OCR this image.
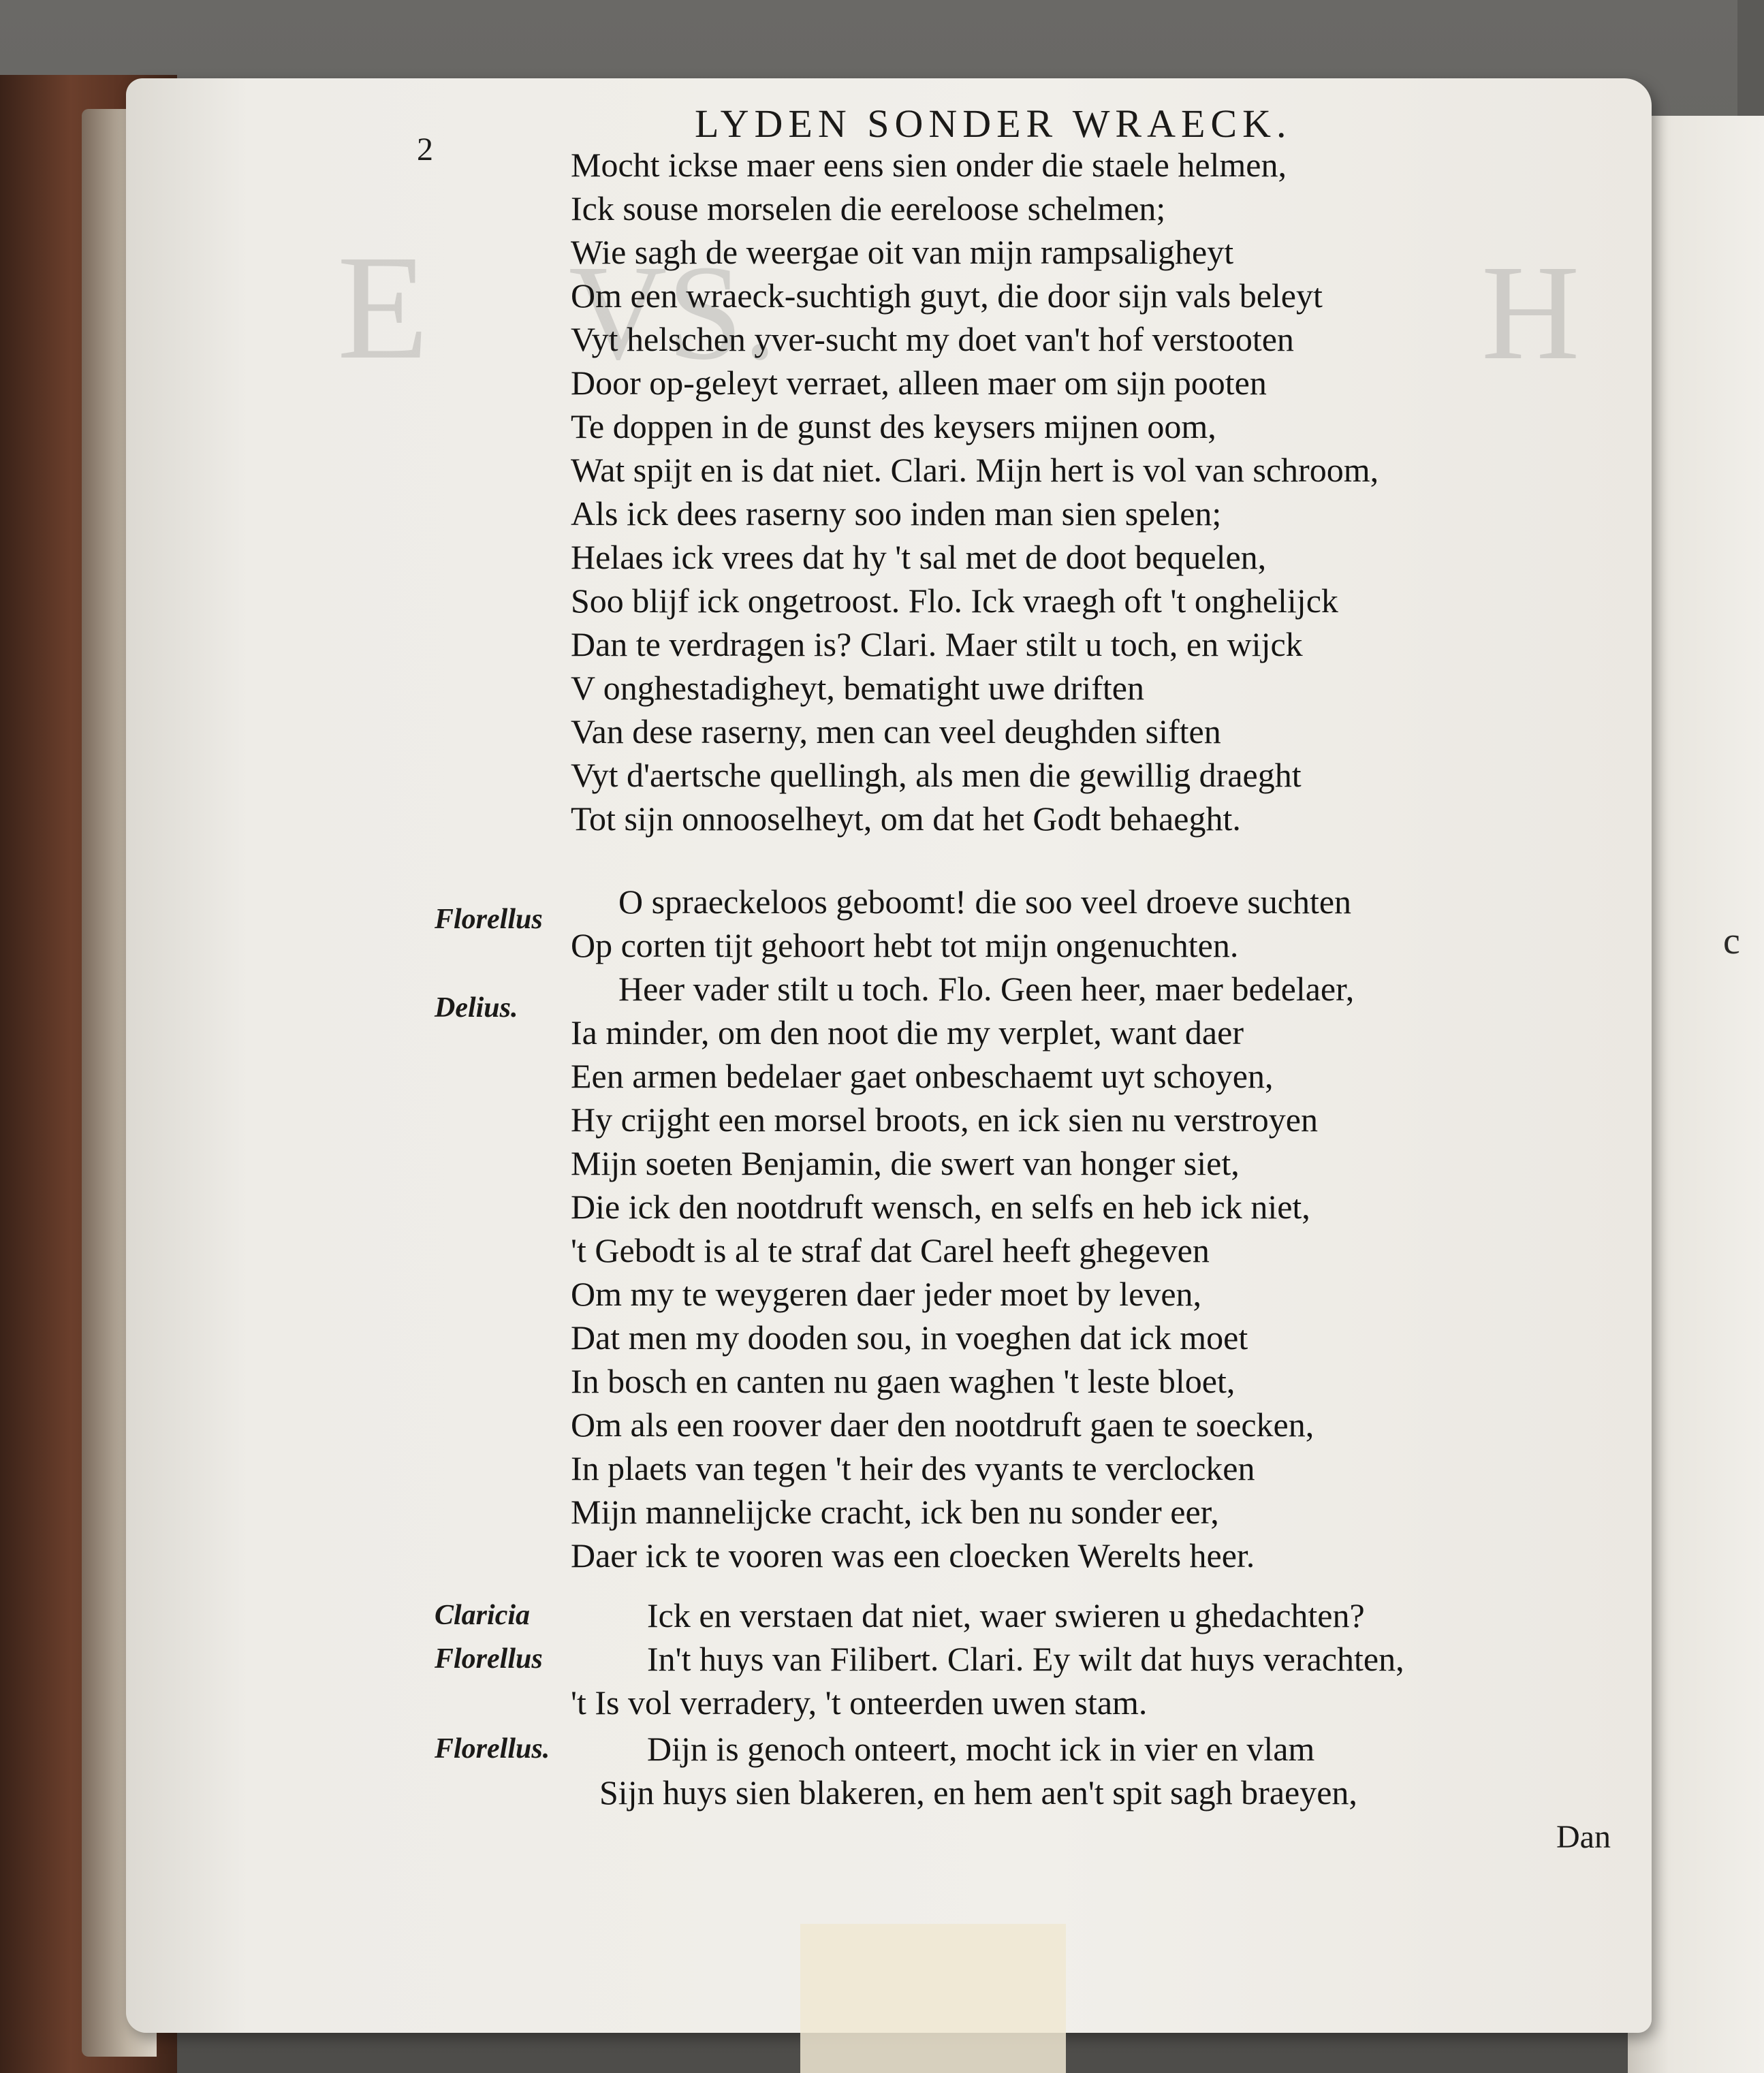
c
E VS.	H
LYDEN SONDER WRAECK.
2	Mocht ickse maer eens sien onder die staele helmen,
Ick souse morselen die eereloose schelmen;
Wie sagh de weergae oit van mijn rampsaligheyt
Om een wraeck-suchtigh guyt, die door sijn vals beleyt
Vyt helschen yver-sucht my doet van't hof verstooten
Door op-geleyt verraet, alleen maer om sijn pooten
Te doppen in de gunst des keysers mijnen oom,
Wat spijt en is dat niet. Clari. Mijn hert is vol van schroom,
Als ick dees raserny soo inden man sien spelen;
Helaes ick vrees dat hy 't sal met de doot bequelen,
Soo blijf ick ongetroost. Flo. Ick vraegh oft 't onghelijck
Dan te verdragen is? Clari. Maer stilt u toch, en wijck
V onghestadigheyt, bematight uwe driften
Van dese raserny, men can veel deughden siften
Vyt d'aertsche quellingh, als men die gewillig draeght
Tot sijn onnooselheyt, om dat het Godt behaeght.
Florellus O spraeckeloos geboomt! die soo veel droeve suchten
Op corten tijt gehoort hebt tot mijn ongenuchten.
Delius.	Heer vader stilt u toch. Flo. Geen heer, maer bedelaer,
Ia minder, om den noot die my verplet, want daer
Een armen bedelaer gaet onbeschaemt uyt schoyen,
Hy crijght een morsel broots, en ick sien nu verstroyen
Mijn soeten Benjamin, die swert van honger siet,
Die ick den nootdruft wensch, en selfs en heb ick niet,
't Gebodt is al te straf dat Carel heeft ghegeven
Om my te weygeren daer jeder moet by leven,
Dat men my dooden sou, in voeghen dat ick moet
In bosch en canten nu gaen waghen 't leste bloet,
Om als een roover daer den nootdruft gaen te soecken,
In plaets van tegen 't heir des vyants te verclocken
Mijn mannelijcke cracht, ick ben nu sonder eer,
Daer ick te vooren was een cloecken Werelts heer.
Claricia	Ick en verstaen dat niet, waer swieren u ghedachten?
Florellus	In't huys van Filibert. Clari. Ey wilt dat huys verachten,
't Is vol verradery, 't onteerden uwen stam.
Florellus.	Dijn is genoch onteert, mocht ick in vier en vlam
Sijn huys sien blakeren, en hem aen't spit sagh braeyen,
Dan
